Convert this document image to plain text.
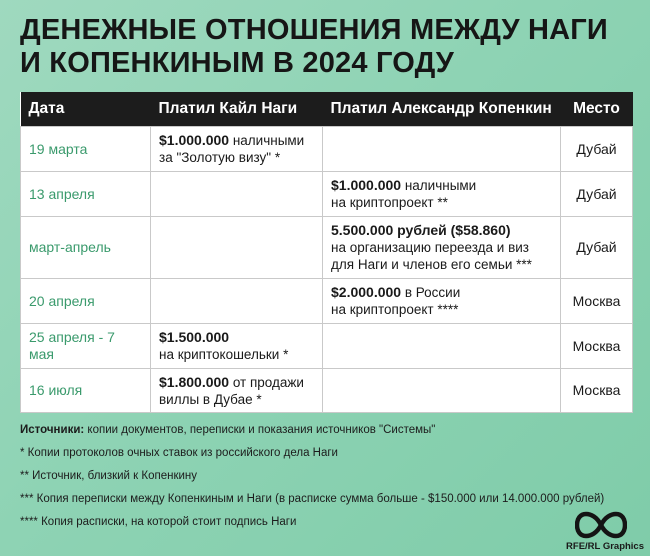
ДЕНЕЖНЫЕ ОТНОШЕНИЯ МЕЖДУ НАГИ
И КОПЕНКИНЫМ В 2024 ГОДУ
Дата	Платил Кайл Наги	Платил Александр Копенкин	Место
19 марта	$1.000.000 наличными
за "Золотую визу" *		Дубай
13 апреля		$1.000.000 наличными
на криптопроект **	Дубай
март-апрель		5.500.000 рублей ($58.860)
на организацию переезда и виз
для Наги и членов его семьи ***	Дубай
20 апреля		$2.000.000 в России
на криптопроект ****	Москва
25 апреля - 7 мая	$1.500.000
на криптокошельки *		Москва
16 июля	$1.800.000 от продажи
виллы в Дубае *		Москва

Источники: копии документов, переписки и показания источников "Системы"

* Копии протоколов очных ставок из российского дела Наги

** Источник, близкий к Копенкину

*** Копия переписки между Копенкиным и Наги (в расписке сумма больше - $150.000 или 14.000.000 рублей)

**** Копия расписки, на которой стоит подпись Наги

RFE/RL Graphics
